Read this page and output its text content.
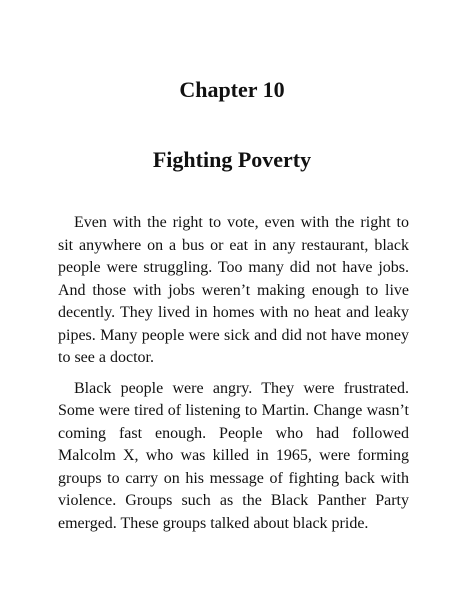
Chapter 10
Fighting Poverty

Even with the right to vote, even with the right to sit anywhere on a bus or eat in any restaurant, black people were struggling. Too many did not have jobs. And those with jobs weren’t making enough to live decently. They lived in homes with no heat and leaky pipes. Many people were sick and did not have money to see a doctor.

Black people were angry. They were frustrated. Some were tired of listening to Martin. Change wasn’t coming fast enough. People who had followed Malcolm X, who was killed in 1965, were forming groups to carry on his message of fighting back with violence. Groups such as the Black Panther Party emerged. These groups talked about black pride.
